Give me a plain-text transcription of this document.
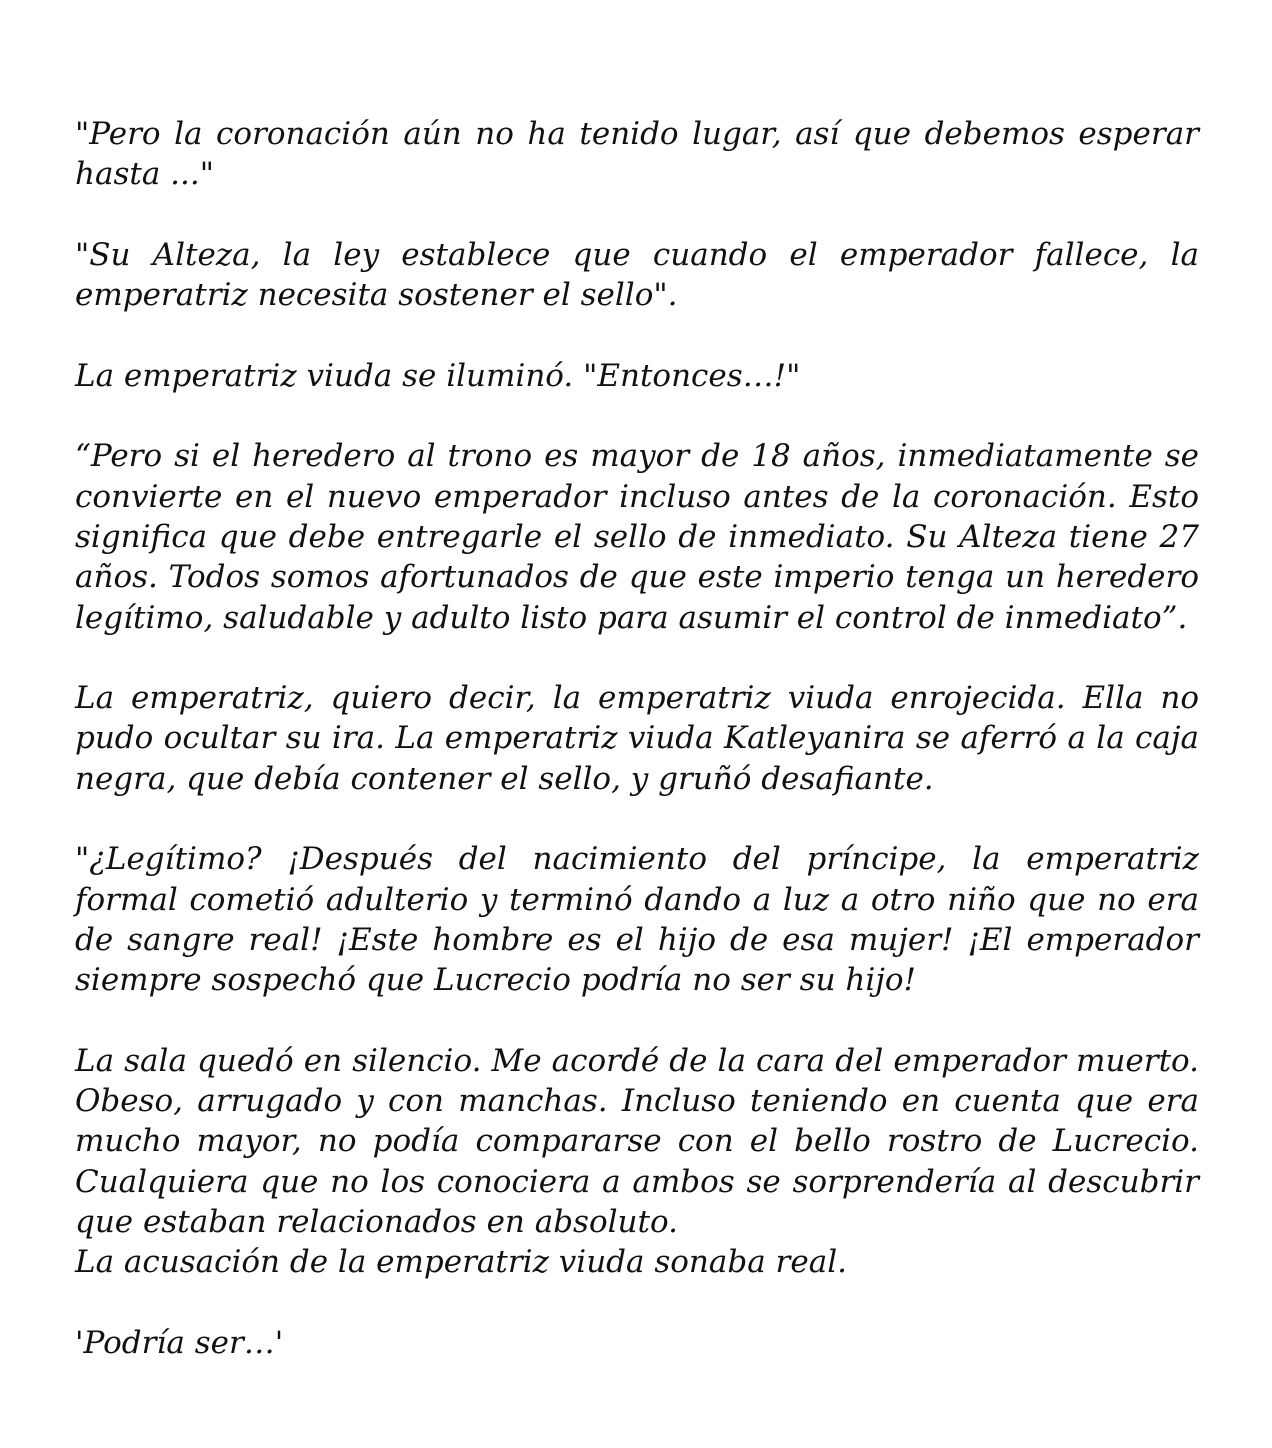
"Pero la coronación aún no ha tenido lugar, así que debemos esperar hasta ..."

"Su Alteza, la ley establece que cuando el emperador fallece, la emperatriz necesita sostener el sello".

La emperatriz viuda se iluminó. "Entonces…!"

“Pero si el heredero al trono es mayor de 18 años, inmediatamente se convierte en el nuevo emperador incluso antes de la coronación. Esto significa que debe entregarle el sello de inmediato. Su Alteza tiene 27 años. Todos somos afortunados de que este imperio tenga un heredero legítimo, saludable y adulto listo para asumir el control de inmediato”.

La emperatriz, quiero decir, la emperatriz viuda enrojecida. Ella no pudo ocultar su ira. La emperatriz viuda Katleyanira se aferró a la caja negra, que debía contener el sello, y gruñó desafiante.

"¿Legítimo? ¡Después del nacimiento del príncipe, la emperatriz formal cometió adulterio y terminó dando a luz a otro niño que no era de sangre real! ¡Este hombre es el hijo de esa mujer! ¡El emperador siempre sospechó que Lucrecio podría no ser su hijo!

La sala quedó en silencio. Me acordé de la cara del emperador muerto. Obeso, arrugado y con manchas. Incluso teniendo en cuenta que era mucho mayor, no podía compararse con el bello rostro de Lucrecio. Cualquiera que no los conociera a ambos se sorprendería al descubrir que estaban relacionados en absoluto.

La acusación de la emperatriz viuda sonaba real.

'Podría ser…'
